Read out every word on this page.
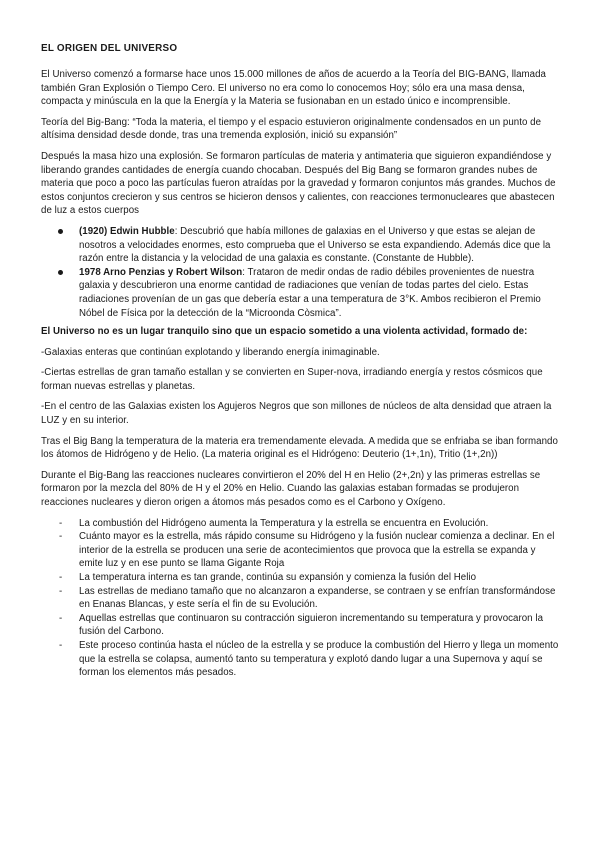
EL ORIGEN DEL UNIVERSO

El Universo comenzó a formarse hace unos 15.000 millones de años de acuerdo a la Teoría del BIG-BANG, llamada también Gran Explosión o Tiempo Cero. El universo no era como lo conocemos Hoy; sólo era una masa densa, compacta y minúscula en la que la Energía y la Materia se fusionaban en un estado único e incomprensible.

Teoría del Big-Bang: “Toda la materia, el tiempo y el espacio estuvieron originalmente condensados en un punto de altísima densidad desde donde, tras una tremenda explosión, inició su expansión”

Después la masa hizo una explosión. Se formaron partículas de materia y antimateria que siguieron expandiéndose y liberando grandes cantidades de energía cuando chocaban. Después del Big Bang se formaron grandes nubes de materia que poco a poco las partículas fueron atraídas por la gravedad y formaron conjuntos más grandes. Muchos de estos conjuntos crecieron y sus centros se hicieron densos y calientes, con reacciones termonucleares que abastecen de luz a estos cuerpos

(1920) Edwin Hubble: Descubrió que había millones de galaxias en el Universo y que estas se alejan de nosotros a velocidades enormes, esto comprueba que el Universo se esta expandiendo. Además dice que la razón entre la distancia y la velocidad de una galaxia es constante. (Constante de Hubble).
1978 Arno Penzias y Robert Wilson: Trataron de medir ondas de radio débiles provenientes de nuestra galaxia y descubrieron una enorme cantidad de radiaciones que venían de todas partes del cielo. Estas radiaciones provenían de un gas que debería estar a una temperatura de 3°K. Ambos recibieron el Premio Nóbel de Física por la detección de la “Microonda Còsmica”.

El Universo no es un lugar tranquilo sino que un espacio sometido a una violenta actividad, formado de:

-Galaxias enteras que continúan explotando y liberando energía inimaginable.

-Ciertas estrellas de gran tamaño estallan y se convierten en Super-nova, irradiando energía y restos cósmicos que forman nuevas estrellas y planetas.

-En el centro de las Galaxias existen los Agujeros Negros que son millones de núcleos de alta densidad que atraen la LUZ y en su interior.

Tras el Big Bang la temperatura de la materia era tremendamente elevada. A medida que se enfriaba se iban formando los átomos de Hidrógeno y de Helio. (La materia original es el Hidrógeno: Deuterio (1+,1n), Tritio (1+,2n))

Durante el Big-Bang las reacciones nucleares convirtieron el 20% del H en Helio (2+,2n) y las primeras estrellas se formaron por la mezcla del 80% de H y el 20% en Helio. Cuando las galaxias estaban formadas se produjeron reacciones nucleares y dieron origen a átomos más pesados como es el Carbono y Oxígeno.

- La combustión del Hidrógeno aumenta la Temperatura y la estrella se encuentra en Evolución.
- Cuánto mayor es la estrella, más rápido consume su Hidrógeno y la fusión nuclear comienza a declinar. En el interior de la estrella se producen una serie de acontecimientos que provoca que la estrella se expanda y emite luz y en ese punto se llama Gigante Roja
- La temperatura interna es tan grande, continúa su expansión y comienza la fusión del Helio
- Las estrellas de mediano tamaño que no alcanzaron a expanderse, se contraen y se enfrían transformándose en Enanas Blancas, y este sería el fin de su Evolución.
- Aquellas estrellas que continuaron su contracción siguieron incrementando su temperatura y provocaron la fusión del Carbono.
- Este proceso continúa hasta el núcleo de la estrella y se produce la combustión del Hierro y llega un momento que la estrella se colapsa, aumentó tanto su temperatura y explotó dando lugar a una Supernova y aquí se forman los elementos más pesados.
